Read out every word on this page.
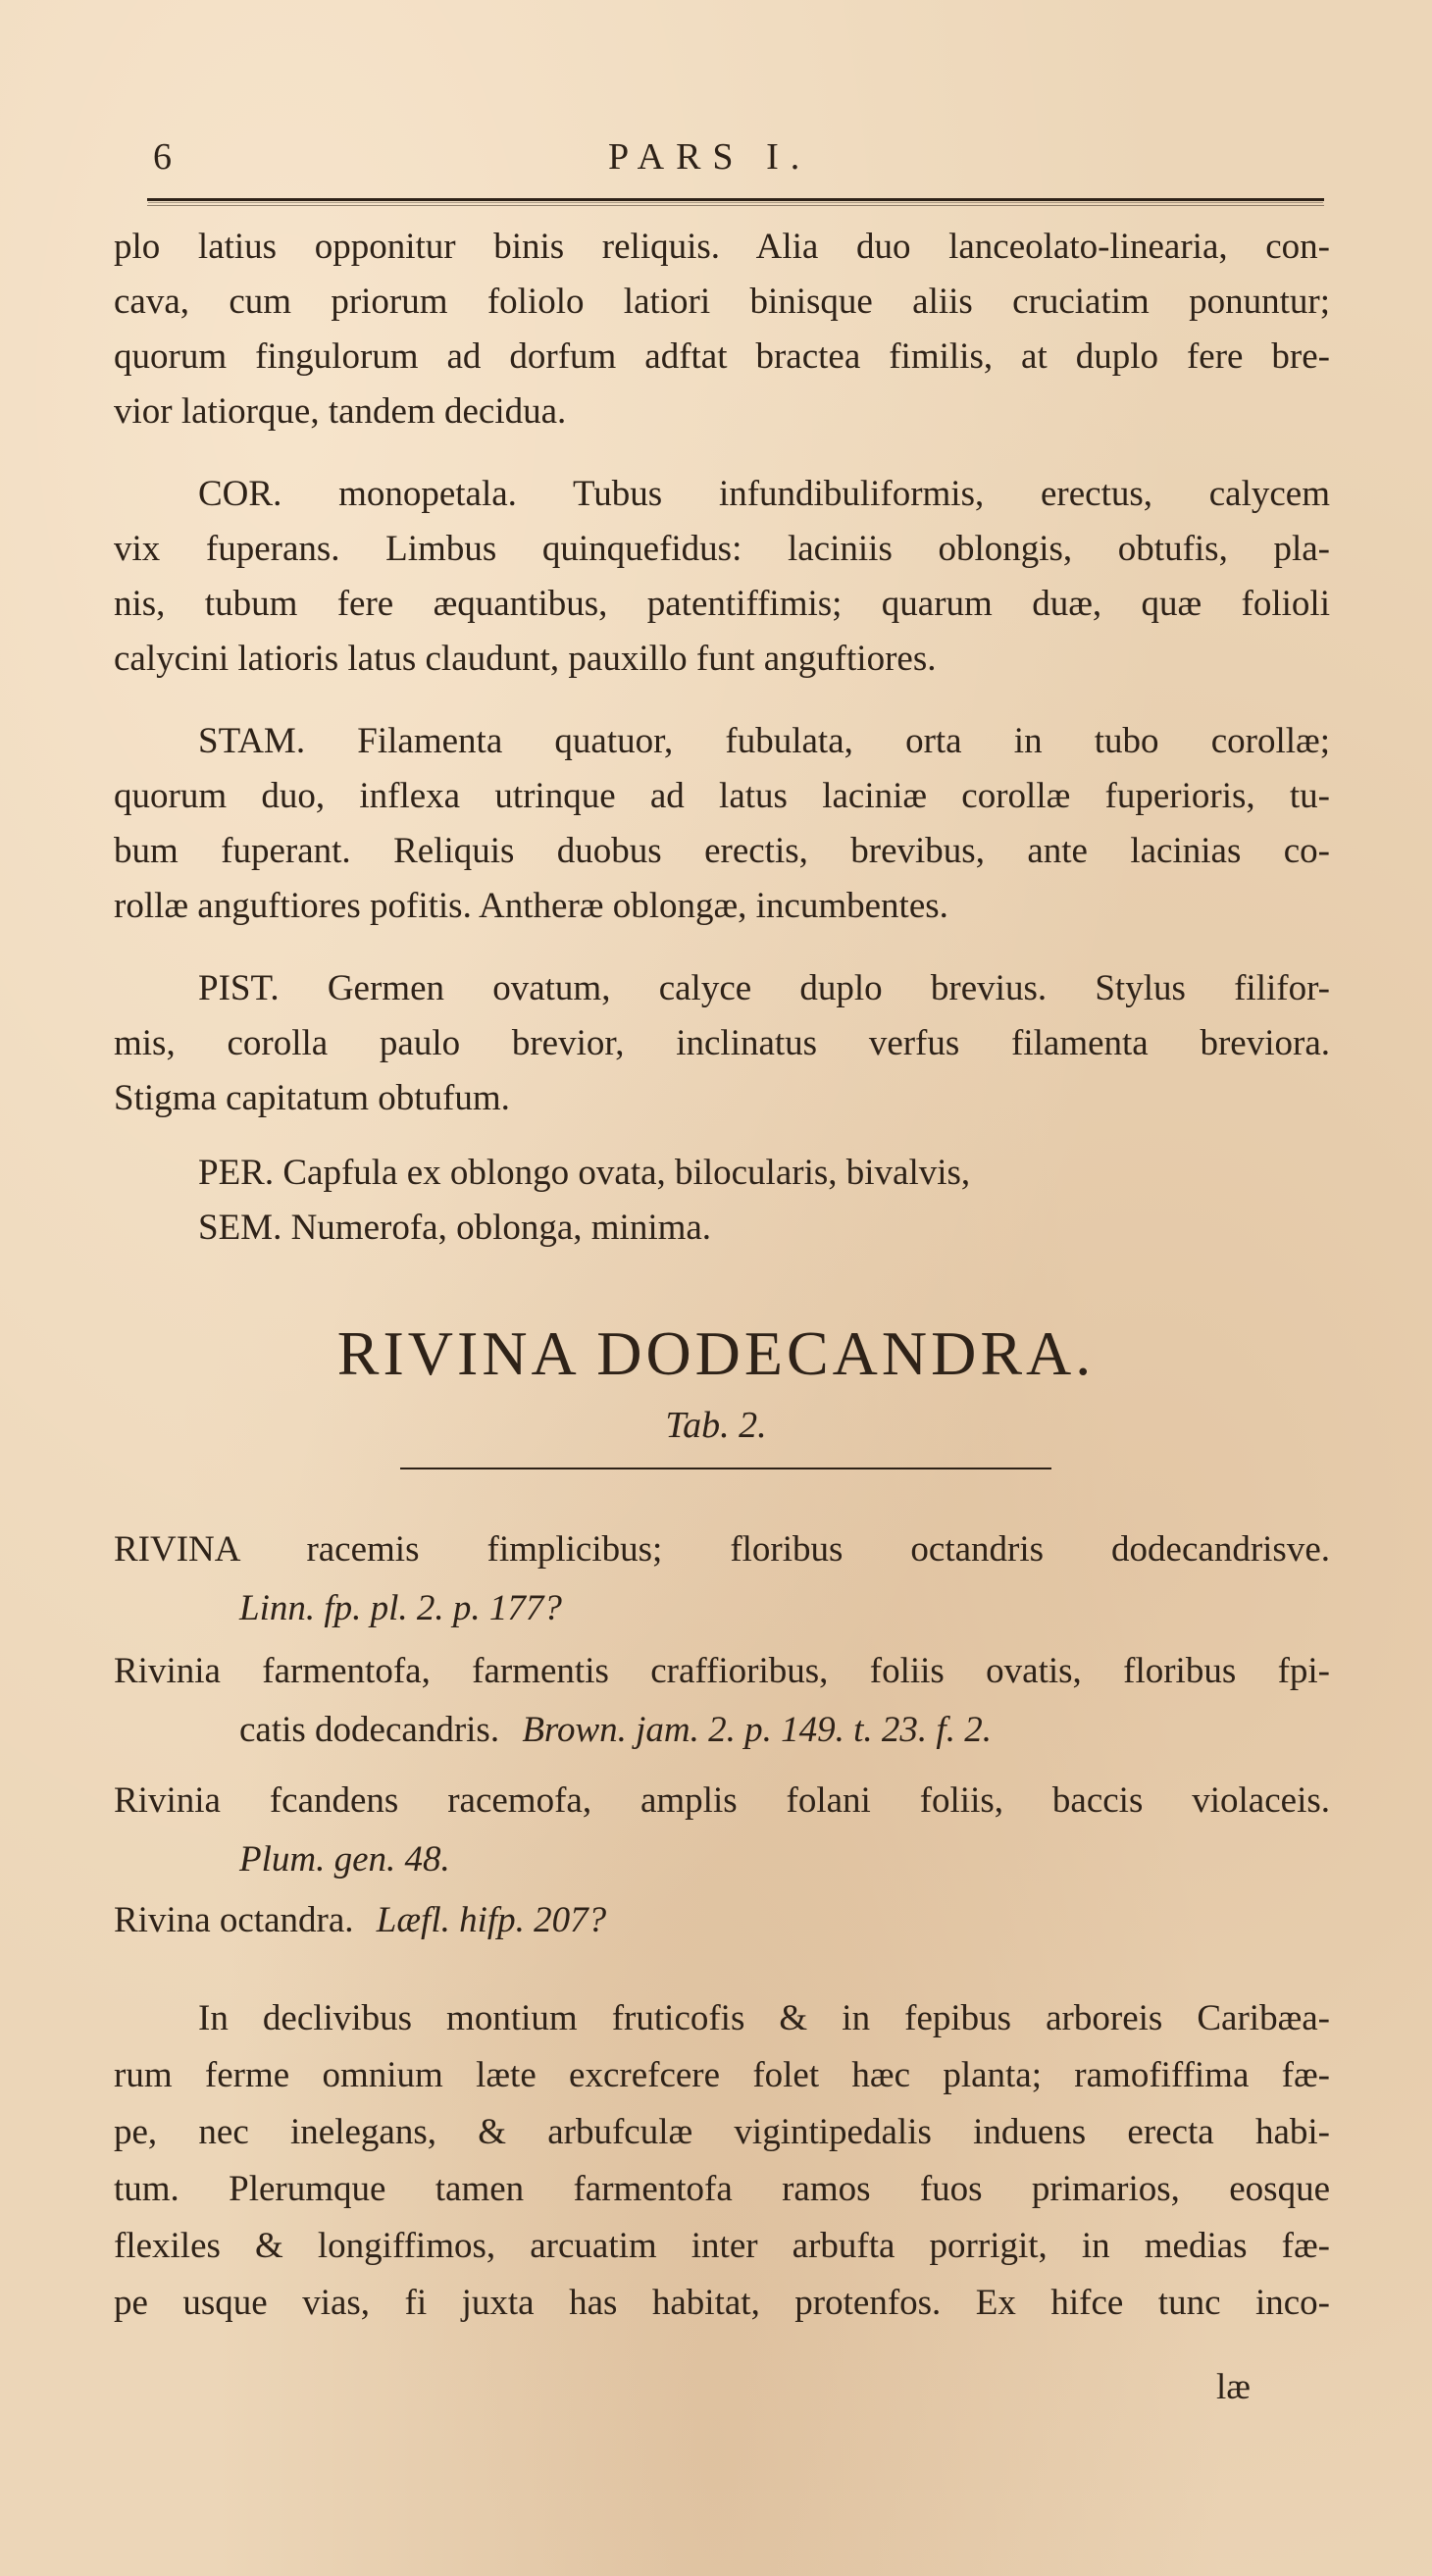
6	PARS I.
plo latius opponitur binis reliquis. Alia duo lanceolato-linearia, con-
cava, cum priorum foliolo latiori binisque aliis cruciatim ponuntur;
quorum fingulorum ad dorfum adftat bractea fimilis, at duplo fere bre-
vior latiorque, tandem decidua.
COR. monopetala. Tubus infundibuliformis, erectus, calycem
vix fuperans. Limbus quinquefidus: laciniis oblongis, obtufis, pla-
nis, tubum fere æquantibus, patentiffimis; quarum duæ, quæ folioli
calycini latioris latus claudunt, pauxillo funt anguftiores.
STAM. Filamenta quatuor, fubulata, orta in tubo corollæ;
quorum duo, inflexa utrinque ad latus laciniæ corollæ fuperioris, tu-
bum fuperant. Reliquis duobus erectis, brevibus, ante lacinias co-
rollæ anguftiores pofitis. Antheræ oblongæ, incumbentes.
PIST. Germen ovatum, calyce duplo brevius. Stylus filifor-
mis, corolla paulo brevior, inclinatus verfus filamenta breviora.
Stigma capitatum obtufum.
PER. Capfula ex oblongo ovata, bilocularis, bivalvis,
SEM. Numerofa, oblonga, minima.
RIVINA DODECANDRA.
Tab. 2.
RIVINA racemis fimplicibus; floribus octandris dodecandrisve.
Linn. fp. pl. 2. p. 177?
Rivinia farmentofa, farmentis craffioribus, foliis ovatis, floribus fpi-
catis dodecandris. Brown. jam. 2. p. 149. t. 23. f. 2.
Rivinia fcandens racemofa, amplis folani foliis, baccis violaceis.
Plum. gen. 48.
Rivina octandra. Læfl. hifp. 207?
In declivibus montium fruticofis & in fepibus arboreis Caribæa-
rum ferme omnium læte excrefcere folet hæc planta; ramofiffima fæ-
pe, nec inelegans, & arbufculæ vigintipedalis induens erecta habi-
tum. Plerumque tamen farmentofa ramos fuos primarios, eosque
flexiles & longiffimos, arcuatim inter arbufta porrigit, in medias fæ-
pe usque vias, fi juxta has habitat, protenfos. Ex hifce tunc inco-
læ
